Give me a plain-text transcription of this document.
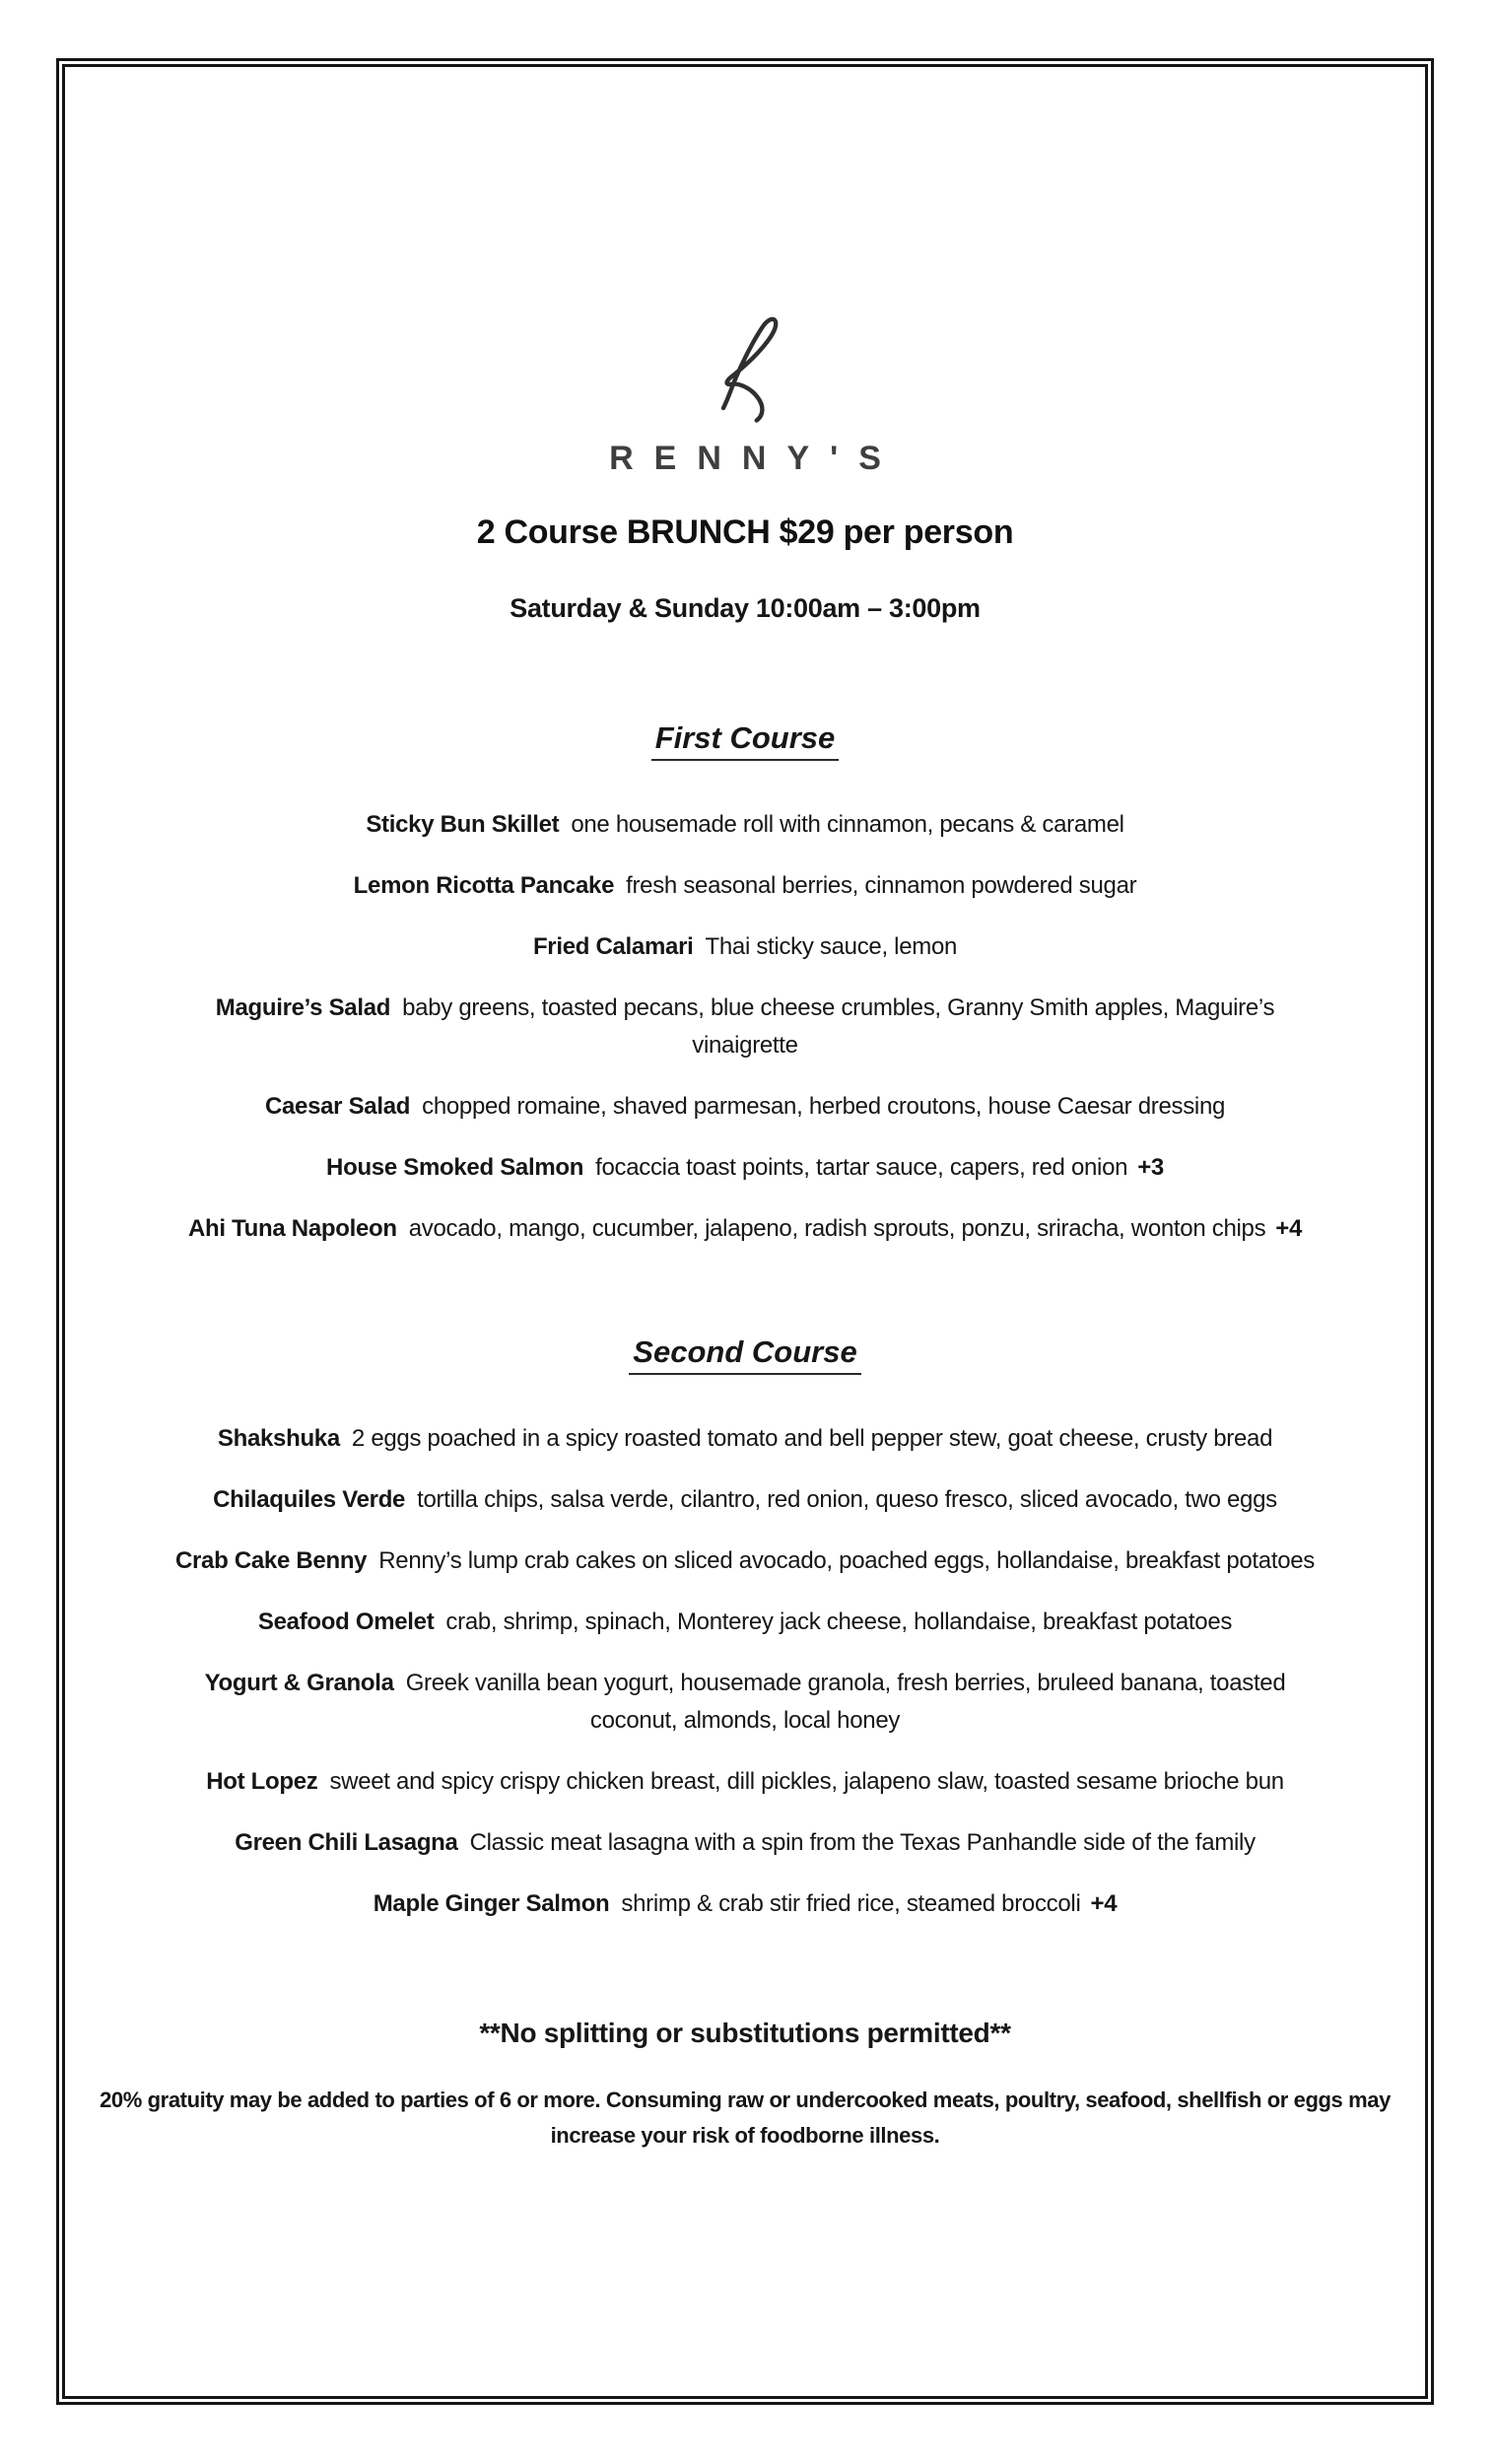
RENNY'S
2 Course BRUNCH $29 per person
Saturday & Sunday 10:00am – 3:00pm
First Course
Sticky Bun Skillet one housemade roll with cinnamon, pecans & caramel
Lemon Ricotta Pancake fresh seasonal berries, cinnamon powdered sugar
Fried Calamari Thai sticky sauce, lemon
Maguire’s Salad baby greens, toasted pecans, blue cheese crumbles, Granny Smith apples, Maguire’s vinaigrette
Caesar Salad chopped romaine, shaved parmesan, herbed croutons, house Caesar dressing
House Smoked Salmon focaccia toast points, tartar sauce, capers, red onion +3
Ahi Tuna Napoleon avocado, mango, cucumber, jalapeno, radish sprouts, ponzu, sriracha, wonton chips +4
Second Course
Shakshuka 2 eggs poached in a spicy roasted tomato and bell pepper stew, goat cheese, crusty bread
Chilaquiles Verde tortilla chips, salsa verde, cilantro, red onion, queso fresco, sliced avocado, two eggs
Crab Cake Benny Renny’s lump crab cakes on sliced avocado, poached eggs, hollandaise, breakfast potatoes
Seafood Omelet crab, shrimp, spinach, Monterey jack cheese, hollandaise, breakfast potatoes
Yogurt & Granola Greek vanilla bean yogurt, housemade granola, fresh berries, bruleed banana, toasted coconut, almonds, local honey
Hot Lopez sweet and spicy crispy chicken breast, dill pickles, jalapeno slaw, toasted sesame brioche bun
Green Chili Lasagna Classic meat lasagna with a spin from the Texas Panhandle side of the family
Maple Ginger Salmon shrimp & crab stir fried rice, steamed broccoli +4
**No splitting or substitutions permitted**
20% gratuity may be added to parties of 6 or more. Consuming raw or undercooked meats, poultry, seafood, shellfish or eggs may increase your risk of foodborne illness.
